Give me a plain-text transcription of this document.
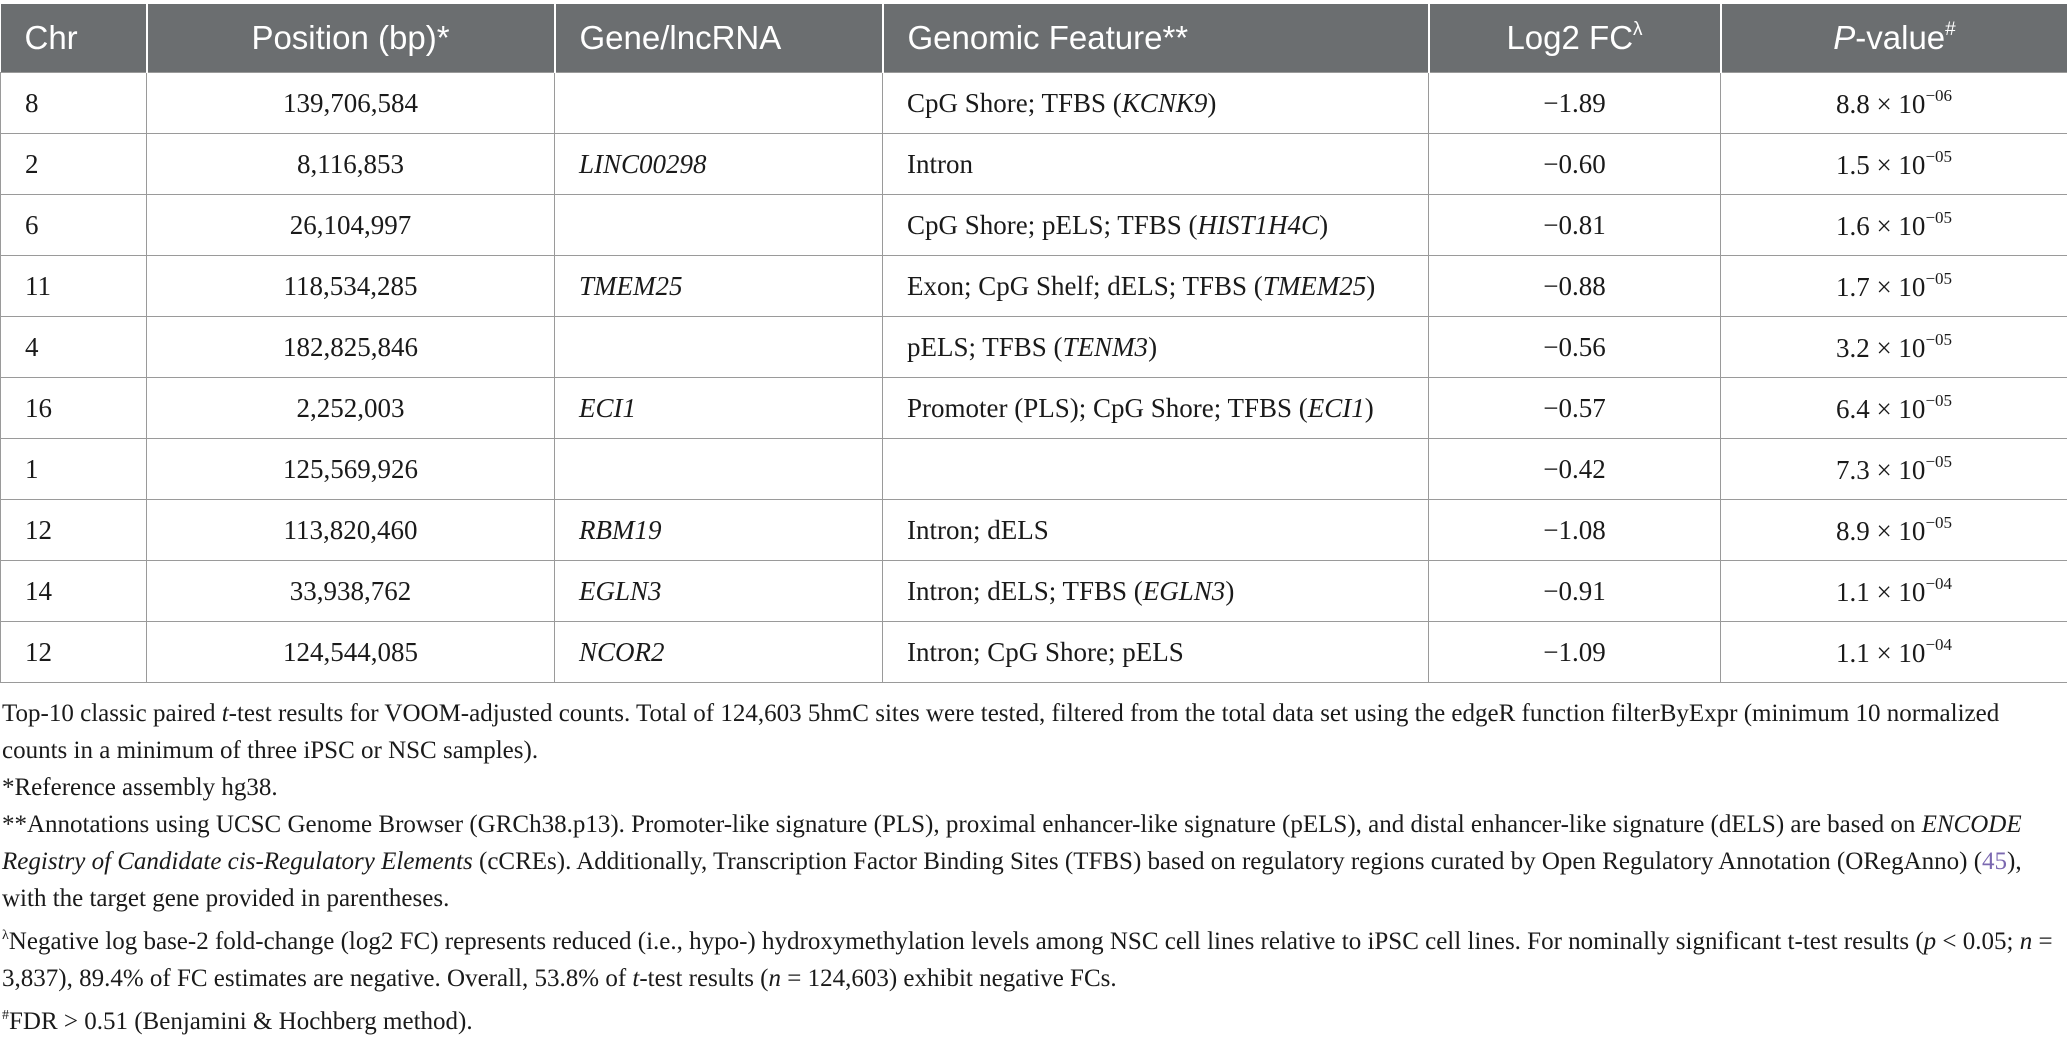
Chr	Position (bp)*	Gene/lncRNA	Genomic Feature**	Log2 $FC^\lambda$	P-value#
8	139,706,584		CpG Shore; TFBS (KCNK9)	−1.89	$8.8 \times 10^{-06}$
2	8,116,853	LINC00298	Intron	−0.60	$1.5 \times 10^{-05}$
6	26,104,997		CpG Shore; pELS; TFBS (HIST1H4C)	−0.81	$1.6 \times 10^{-05}$
11	118,534,285	TMEM25	Exon; CpG Shelf; dELS; TFBS (TMEM25)	−0.88	$1.7 \times 10^{-05}$
4	182,825,846		pELS; TFBS (TENM3)	−0.56	$3.2 \times 10^{-05}$
16	2,252,003	ECI1	Promoter (PLS); CpG Shore; TFBS (ECI1)	−0.57	$6.4 \times 10^{-05}$
1	125,569,926			−0.42	$7.3 \times 10^{-05}$
12	113,820,460	RBM19	Intron; dELS	−1.08	$8.9 \times 10^{-05}$
14	33,938,762	EGLN3	Intron; dELS; TFBS (EGLN3)	−0.91	$1.1 \times 10^{-04}$
12	124,544,085	NCOR2	Intron; CpG Shore; pELS	−1.09	$1.1 \times 10^{-04}$

Top-10 classic paired t-test results for VOOM-adjusted counts. Total of 124,603 5hmC sites were tested, filtered from the total data set using the edgeR function filterByExpr (minimum 10 normalized counts in a minimum of three iPSC or NSC samples).

*Reference assembly hg38.

**Annotations using UCSC Genome Browser (GRCh38.p13). Promoter-like signature (PLS), proximal enhancer-like signature (pELS), and distal enhancer-like signature (dELS) are based on ENCODE Registry of Candidate cis-Regulatory Elements (cCREs). Additionally, Transcription Factor Binding Sites (TFBS) based on regulatory regions curated by Open Regulatory Annotation (ORegAnno) (45), with the target gene provided in parentheses.

$^\lambda$Negative log base-2 fold-change (log2 FC) represents reduced (i.e., hypo-) hydroxymethylation levels among NSC cell lines relative to iPSC cell lines. For nominally significant t-test results (p < 0.05; n = 3,837), 89.4% of FC estimates are negative. Overall, 53.8% of t-test results (n = 124,603) exhibit negative FCs.

#FDR > 0.51 (Benjamini & Hochberg method).
